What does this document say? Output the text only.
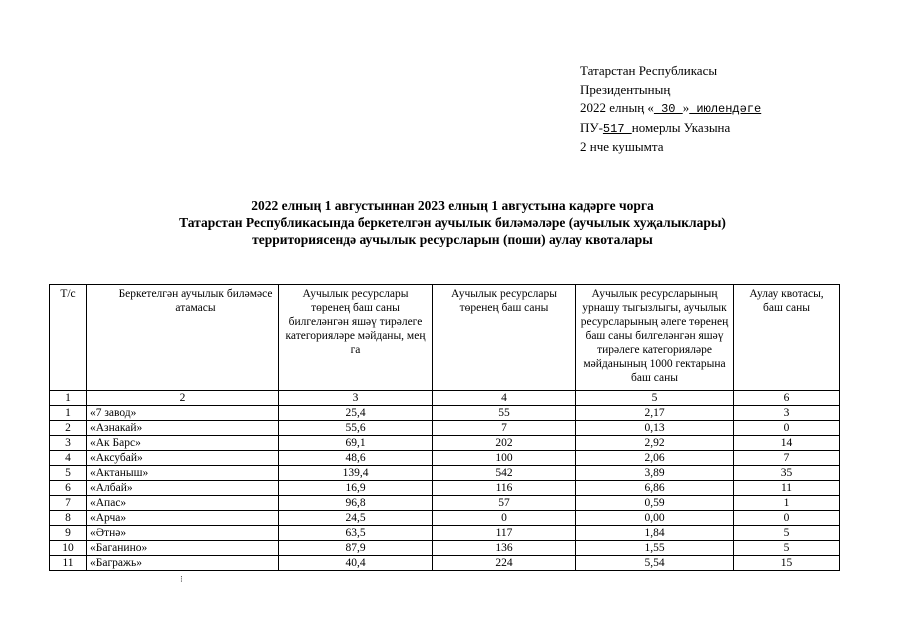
Татарстан Республикасы
Президентының
2022 елның « 30 » июлендәге
ПУ-517 номерлы Указына
2 нче кушымта
2022 елның 1 августыннан 2023 елның 1 августына кадәрге чорга
Татарстан Республикасында беркетелгән аучылык биләмәләре (аучылык хуҗалыклары)
территориясендә аучылык ресурсларын (поши) аулау квоталары
Т/с	Беркетелгән аучылык биләмәсе атамасы	Аучылык ресурслары төренең баш саны билгеләнгән яшәү тирәлеге категорияләре мәйданы, мең га	Аучылык ресурслары төренең баш саны	Аучылык ресурсларының урнашу тыгызлыгы, аучылык ресурсларының әлеге төренең баш саны билгеләнгән яшәү тирәлеге категорияләре мәйданының 1000 гектарына баш саны	Аулау квотасы, баш саны
1	2	3	4	5	6
1	«7 завод»	25,4	55	2,17	3
2	«Азнакай»	55,6	7	0,13	0
3	«Ак Барс»	69,1	202	2,92	14
4	«Аксубай»	48,6	100	2,06	7
5	«Актаныш»	139,4	542	3,89	35
6	«Албай»	16,9	116	6,86	11
7	«Апас»	96,8	57	0,59	1
8	«Арча»	24,5	0	0,00	0
9	«Әтнә»	63,5	117	1,84	5
10	«Баганино»	87,9	136	1,55	5
11	«Багражь»	40,4	224	5,54	15
⁝
